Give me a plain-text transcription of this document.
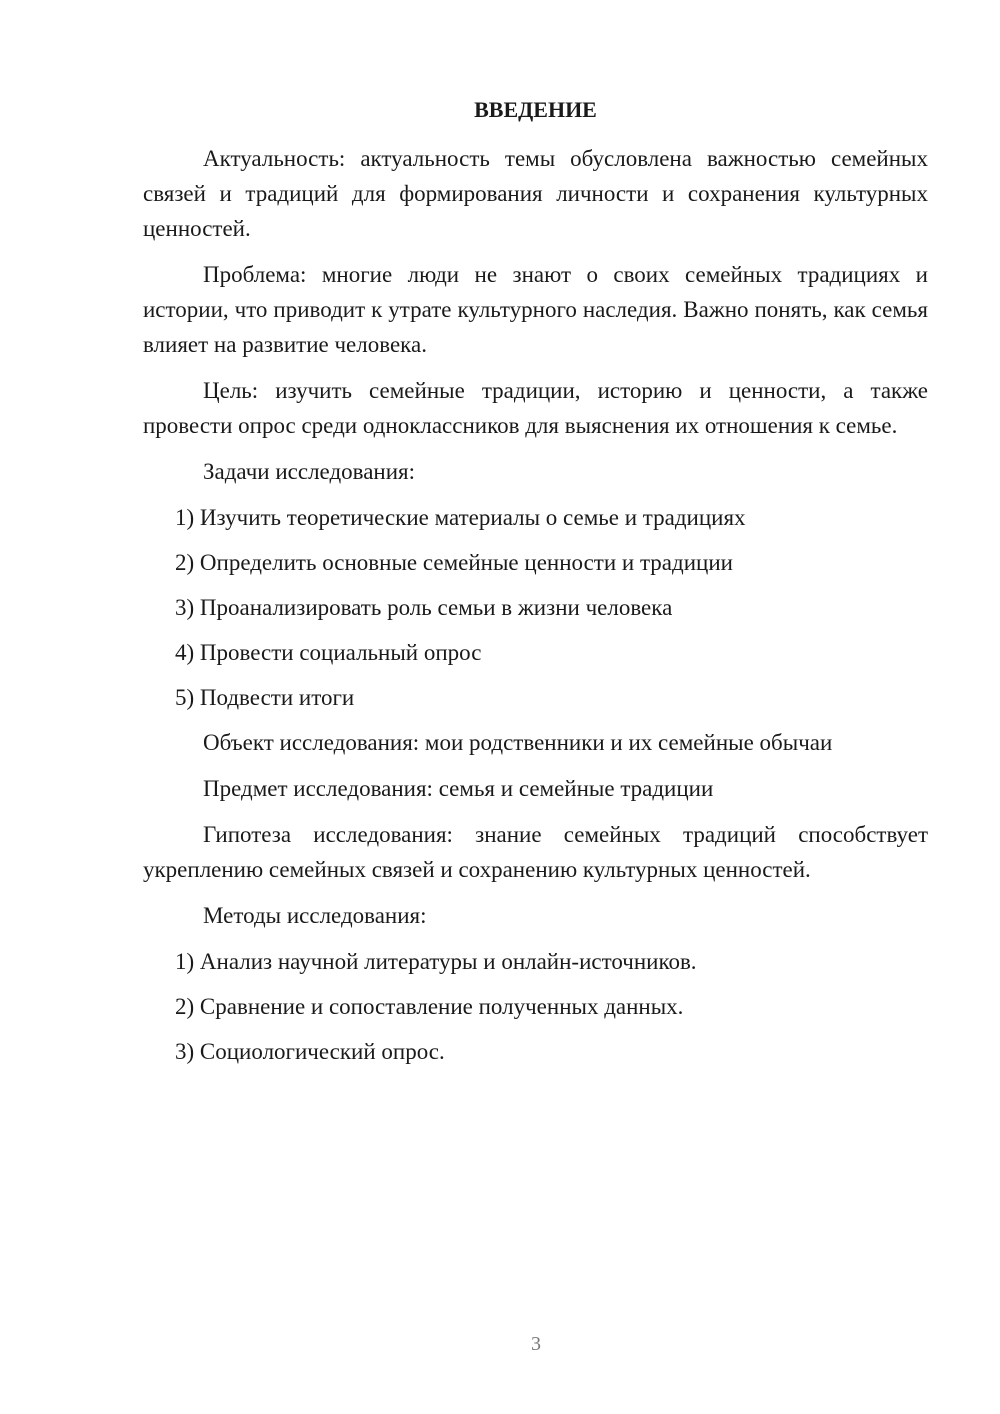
ВВЕДЕНИЕ

Актуальность: актуальность темы обусловлена важностью семейных связей и традиций для формирования личности и сохранения культурных ценностей.

Проблема: многие люди не знают о своих семейных традициях и истории, что приводит к утрате культурного наследия. Важно понять, как семья влияет на развитие человека.

Цель: изучить семейные традиции, историю и ценности, а также провести опрос среди одноклассников для выяснения их отношения к семье.

Задачи исследования:

1) Изучить теоретические материалы о семье и традициях

2) Определить основные семейные ценности и традиции

3) Проанализировать роль семьи в жизни человека

4) Провести социальный опрос

5) Подвести итоги

Объект исследования: мои родственники и их семейные обычаи

Предмет исследования: семья и семейные традиции

Гипотеза исследования: знание семейных традиций способствует укреплению семейных связей и сохранению культурных ценностей.

Методы исследования:

1) Анализ научной литературы и онлайн-источников.

2) Сравнение и сопоставление полученных данных.

3) Социологический опрос.

3
